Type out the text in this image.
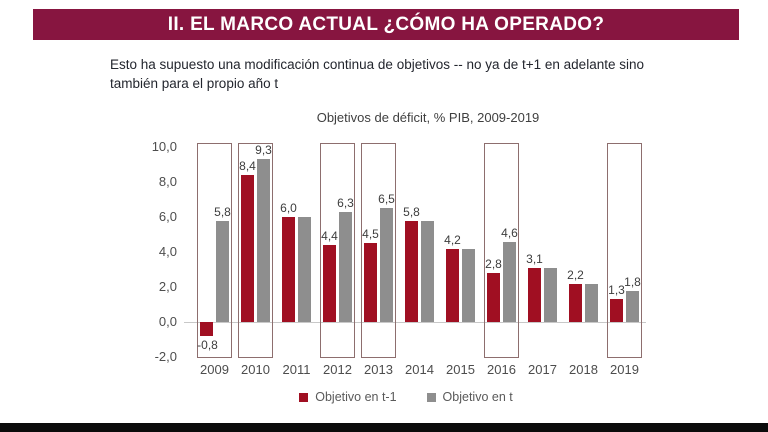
II. EL MARCO ACTUAL ¿CÓMO HA OPERADO?
Esto ha supuesto una modificación continua de objetivos -- no ya de t+1 en adelante sino
también para el propio año t
Objetivos de déficit, % PIB, 2009-2019
Objetivo en t-1	Objetivo en t
-2,0
0,0
2,0
4,0
6,0
8,0
10,0
-0,8
5,8
2009
8,4
9,3
2010
6,0
2011
4,4
6,3
2012
4,5
6,5
2013
5,8
2014
4,2
2015
2,8
4,6
2016
3,1
2017
2,2
2018
1,3
1,8
2019
